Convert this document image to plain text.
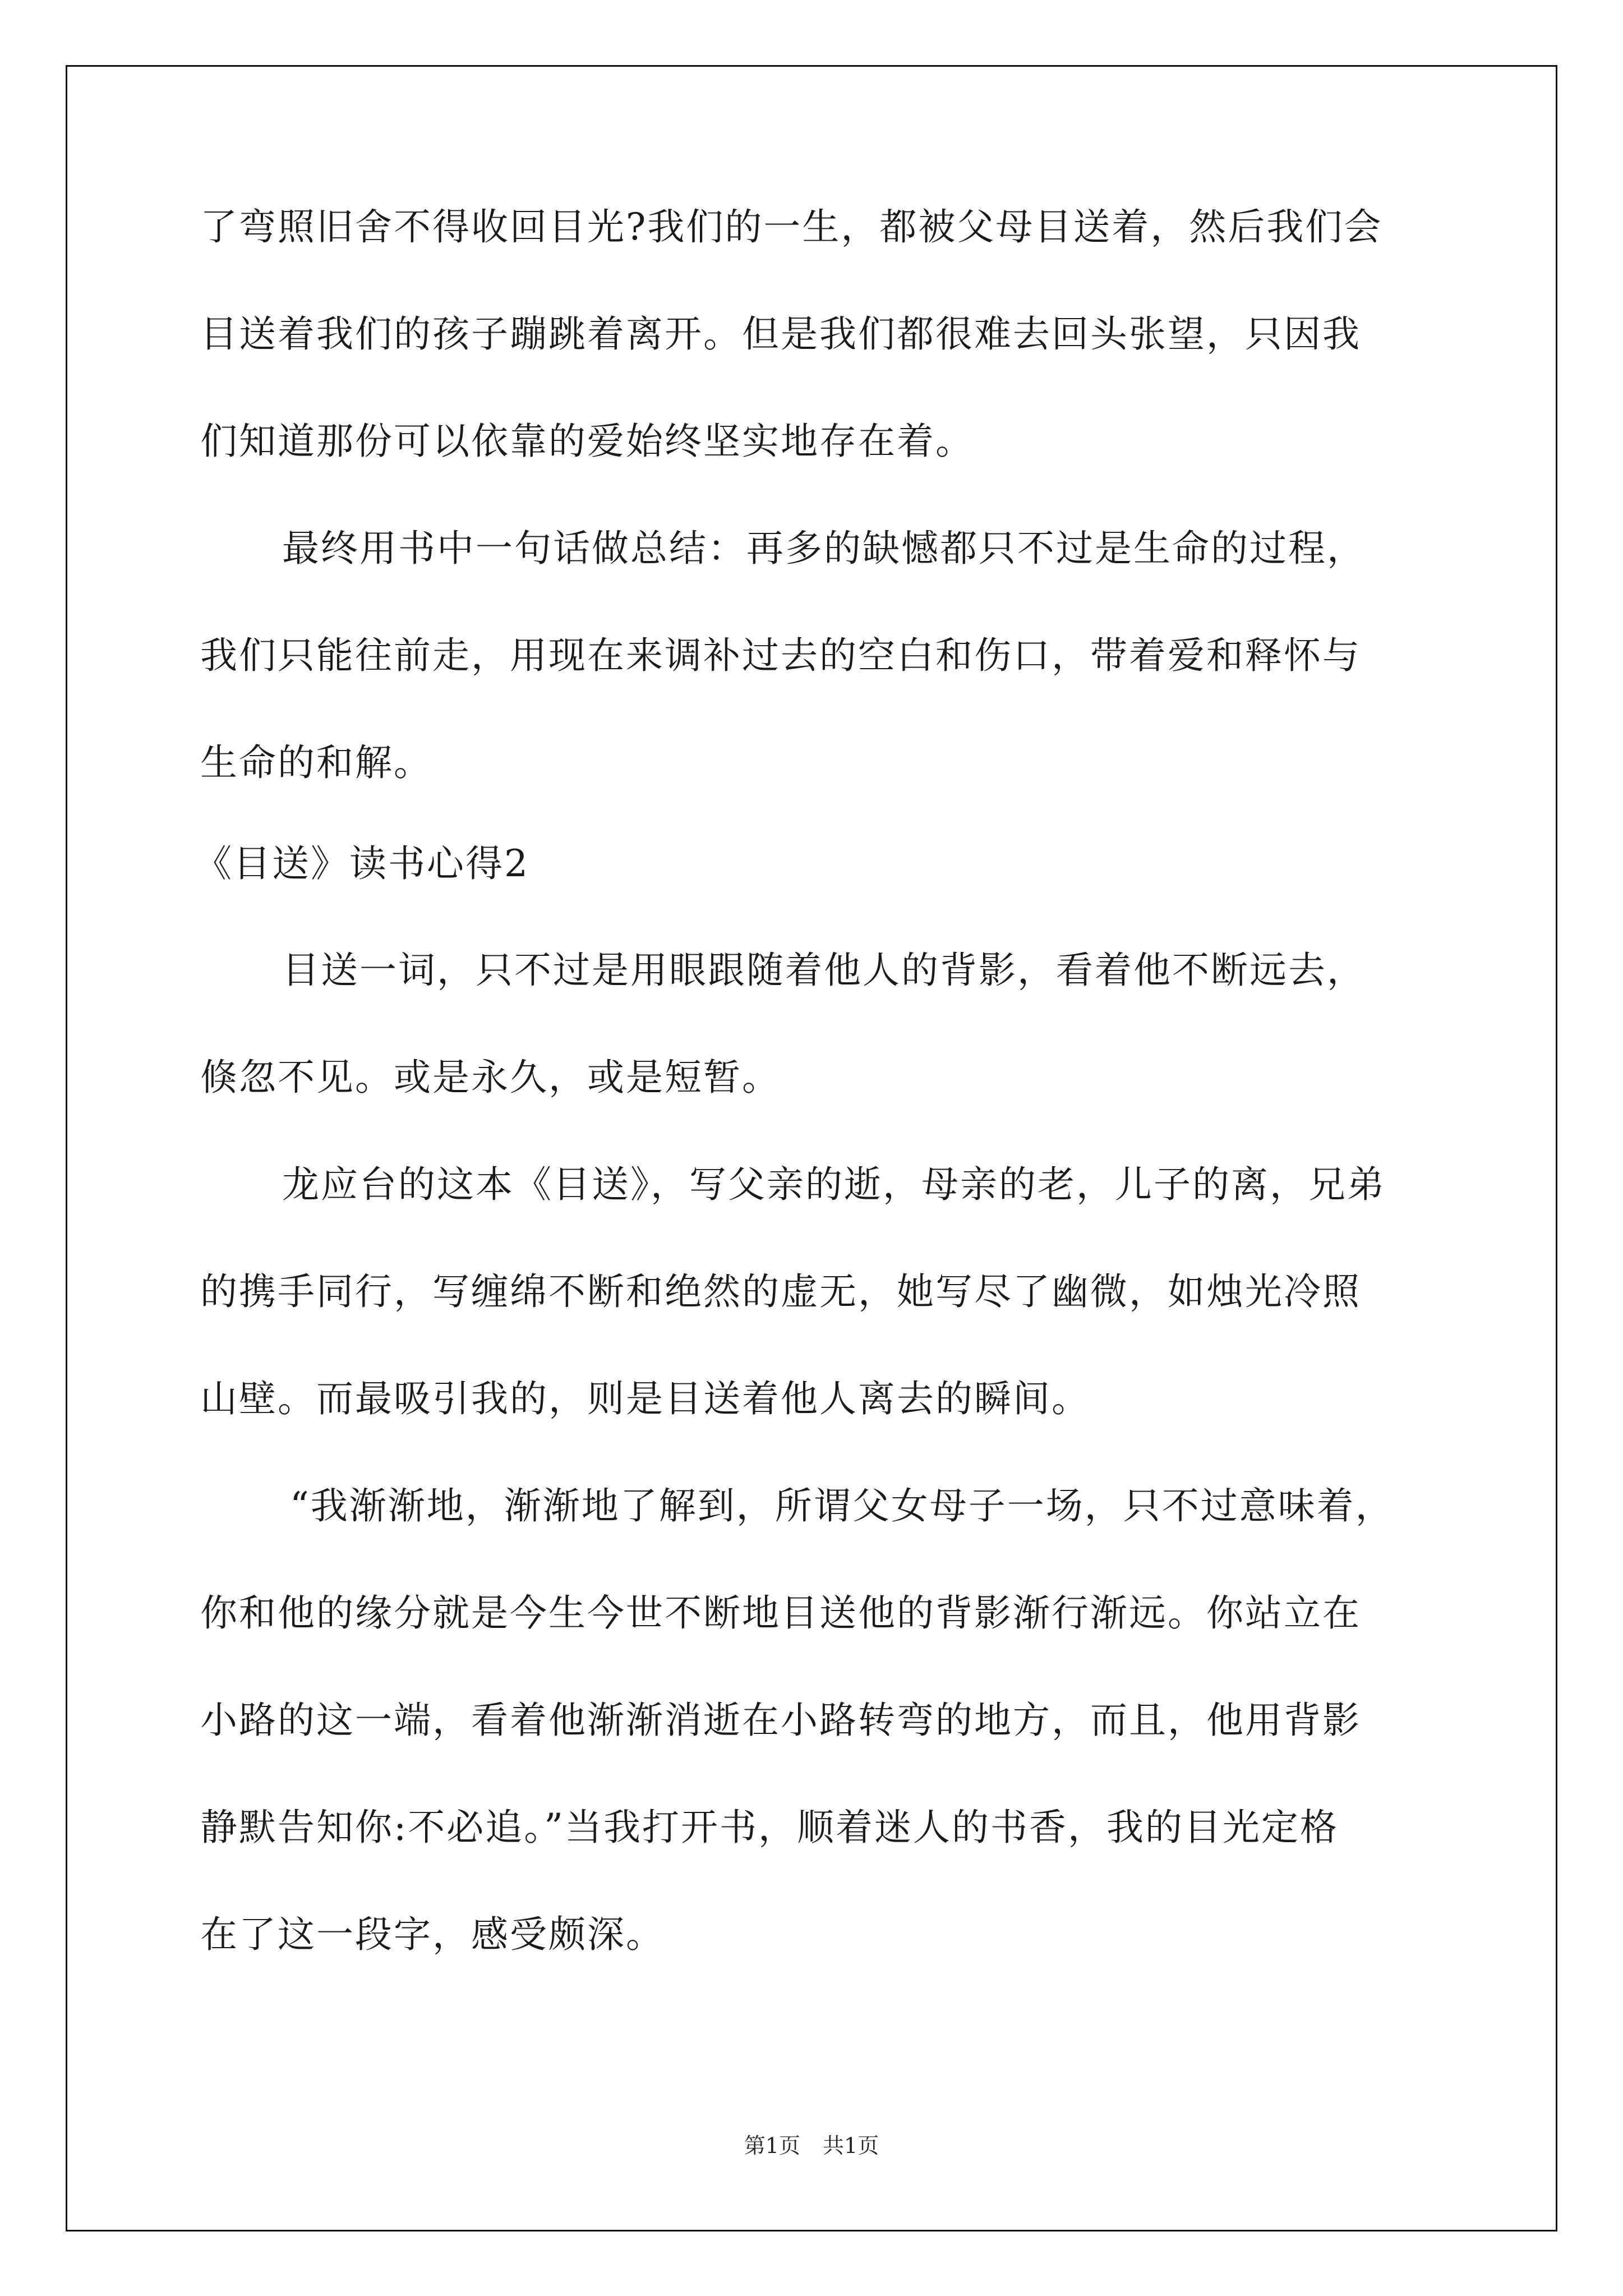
了弯照旧舍不得收回目光?我们的一生，都被父母目送着，然后我们会
目送着我们的孩子蹦跳着离开。但是我们都很难去回头张望，只因我
们知道那份可以依靠的爱始终坚实地存在着。
最终用书中一句话做总结：再多的缺憾都只不过是生命的过程，
我们只能往前走，用现在来调补过去的空白和伤口，带着爱和释怀与
生命的和解。
《目送》读书心得2
目送一词，只不过是用眼跟随着他人的背影，看着他不断远去，
倏忽不见。或是永久，或是短暂。
龙应台的这本《目送》，写父亲的逝，母亲的老，儿子的离，兄弟
的携手同行，写缠绵不断和绝然的虚无，她写尽了幽微，如烛光冷照
山壁。而最吸引我的，则是目送着他人离去的瞬间。
“我渐渐地，渐渐地了解到，所谓父女母子一场，只不过意味着，
你和他的缘分就是今生今世不断地目送他的背影渐行渐远。你站立在
小路的这一端，看着他渐渐消逝在小路转弯的地方，而且，他用背影
静默告知你:不必追。”当我打开书，顺着迷人的书香，我的目光定格
在了这一段字，感受颇深。
第1页 共1页
